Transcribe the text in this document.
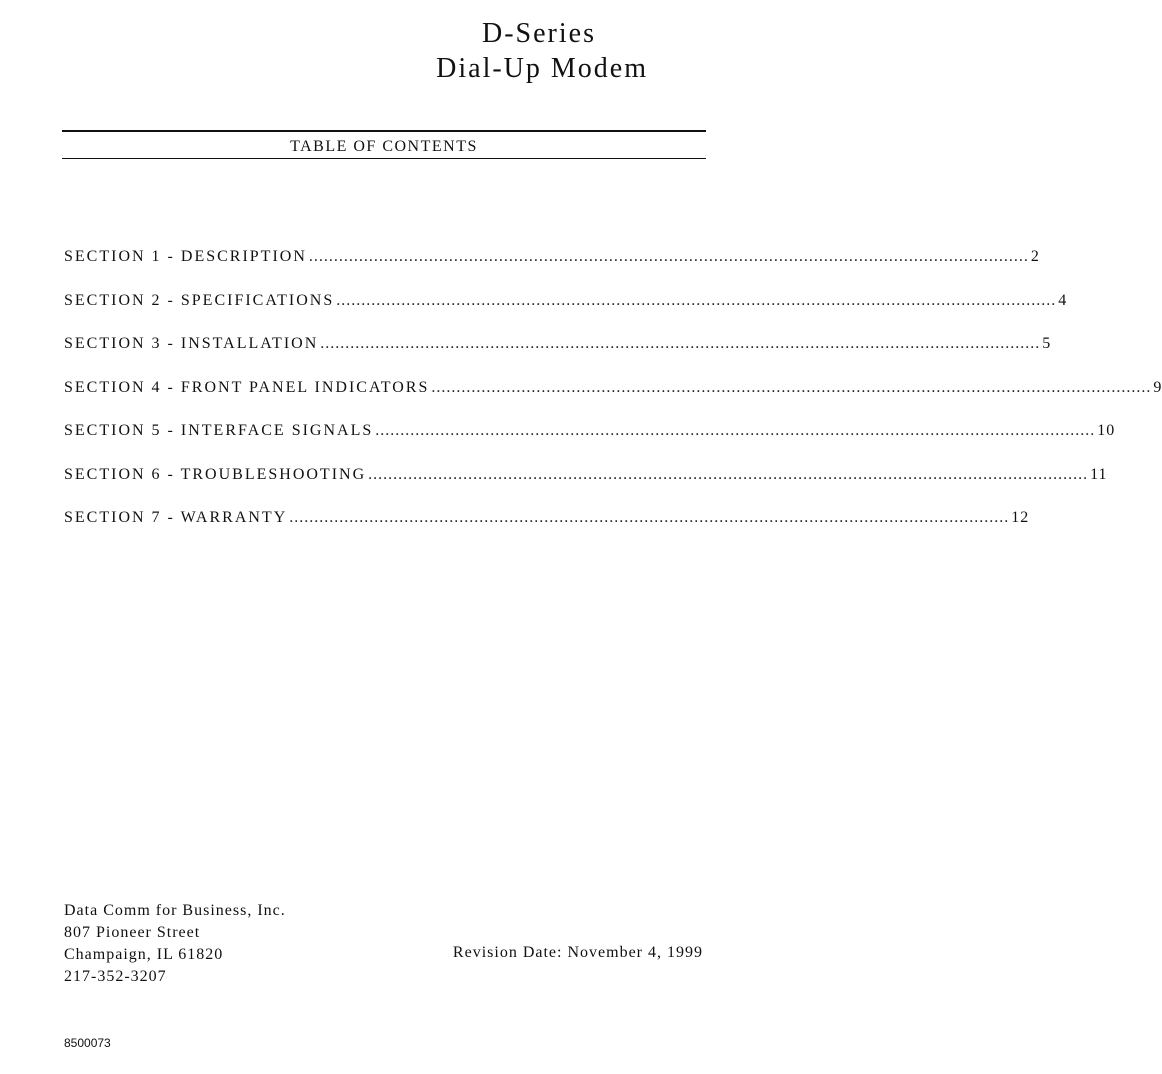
D-Series
Dial-Up Modem
TABLE OF CONTENTS
SECTION 1 - DESCRIPTION ................................................................................................................................................ 2
SECTION 2 - SPECIFICATIONS ................................................................................................................................................ 4
SECTION 3 - INSTALLATION ................................................................................................................................................ 5
SECTION 4 - FRONT PANEL INDICATORS ................................................................................................................................................ 9
SECTION 5 - INTERFACE SIGNALS ................................................................................................................................................ 10
SECTION 6 - TROUBLESHOOTING ................................................................................................................................................ 11
SECTION 7 - WARRANTY ................................................................................................................................................ 12
Data Comm for Business, Inc.
807 Pioneer Street
Champaign, IL 61820
217-352-3207
Revision Date: November 4, 1999
8500073
